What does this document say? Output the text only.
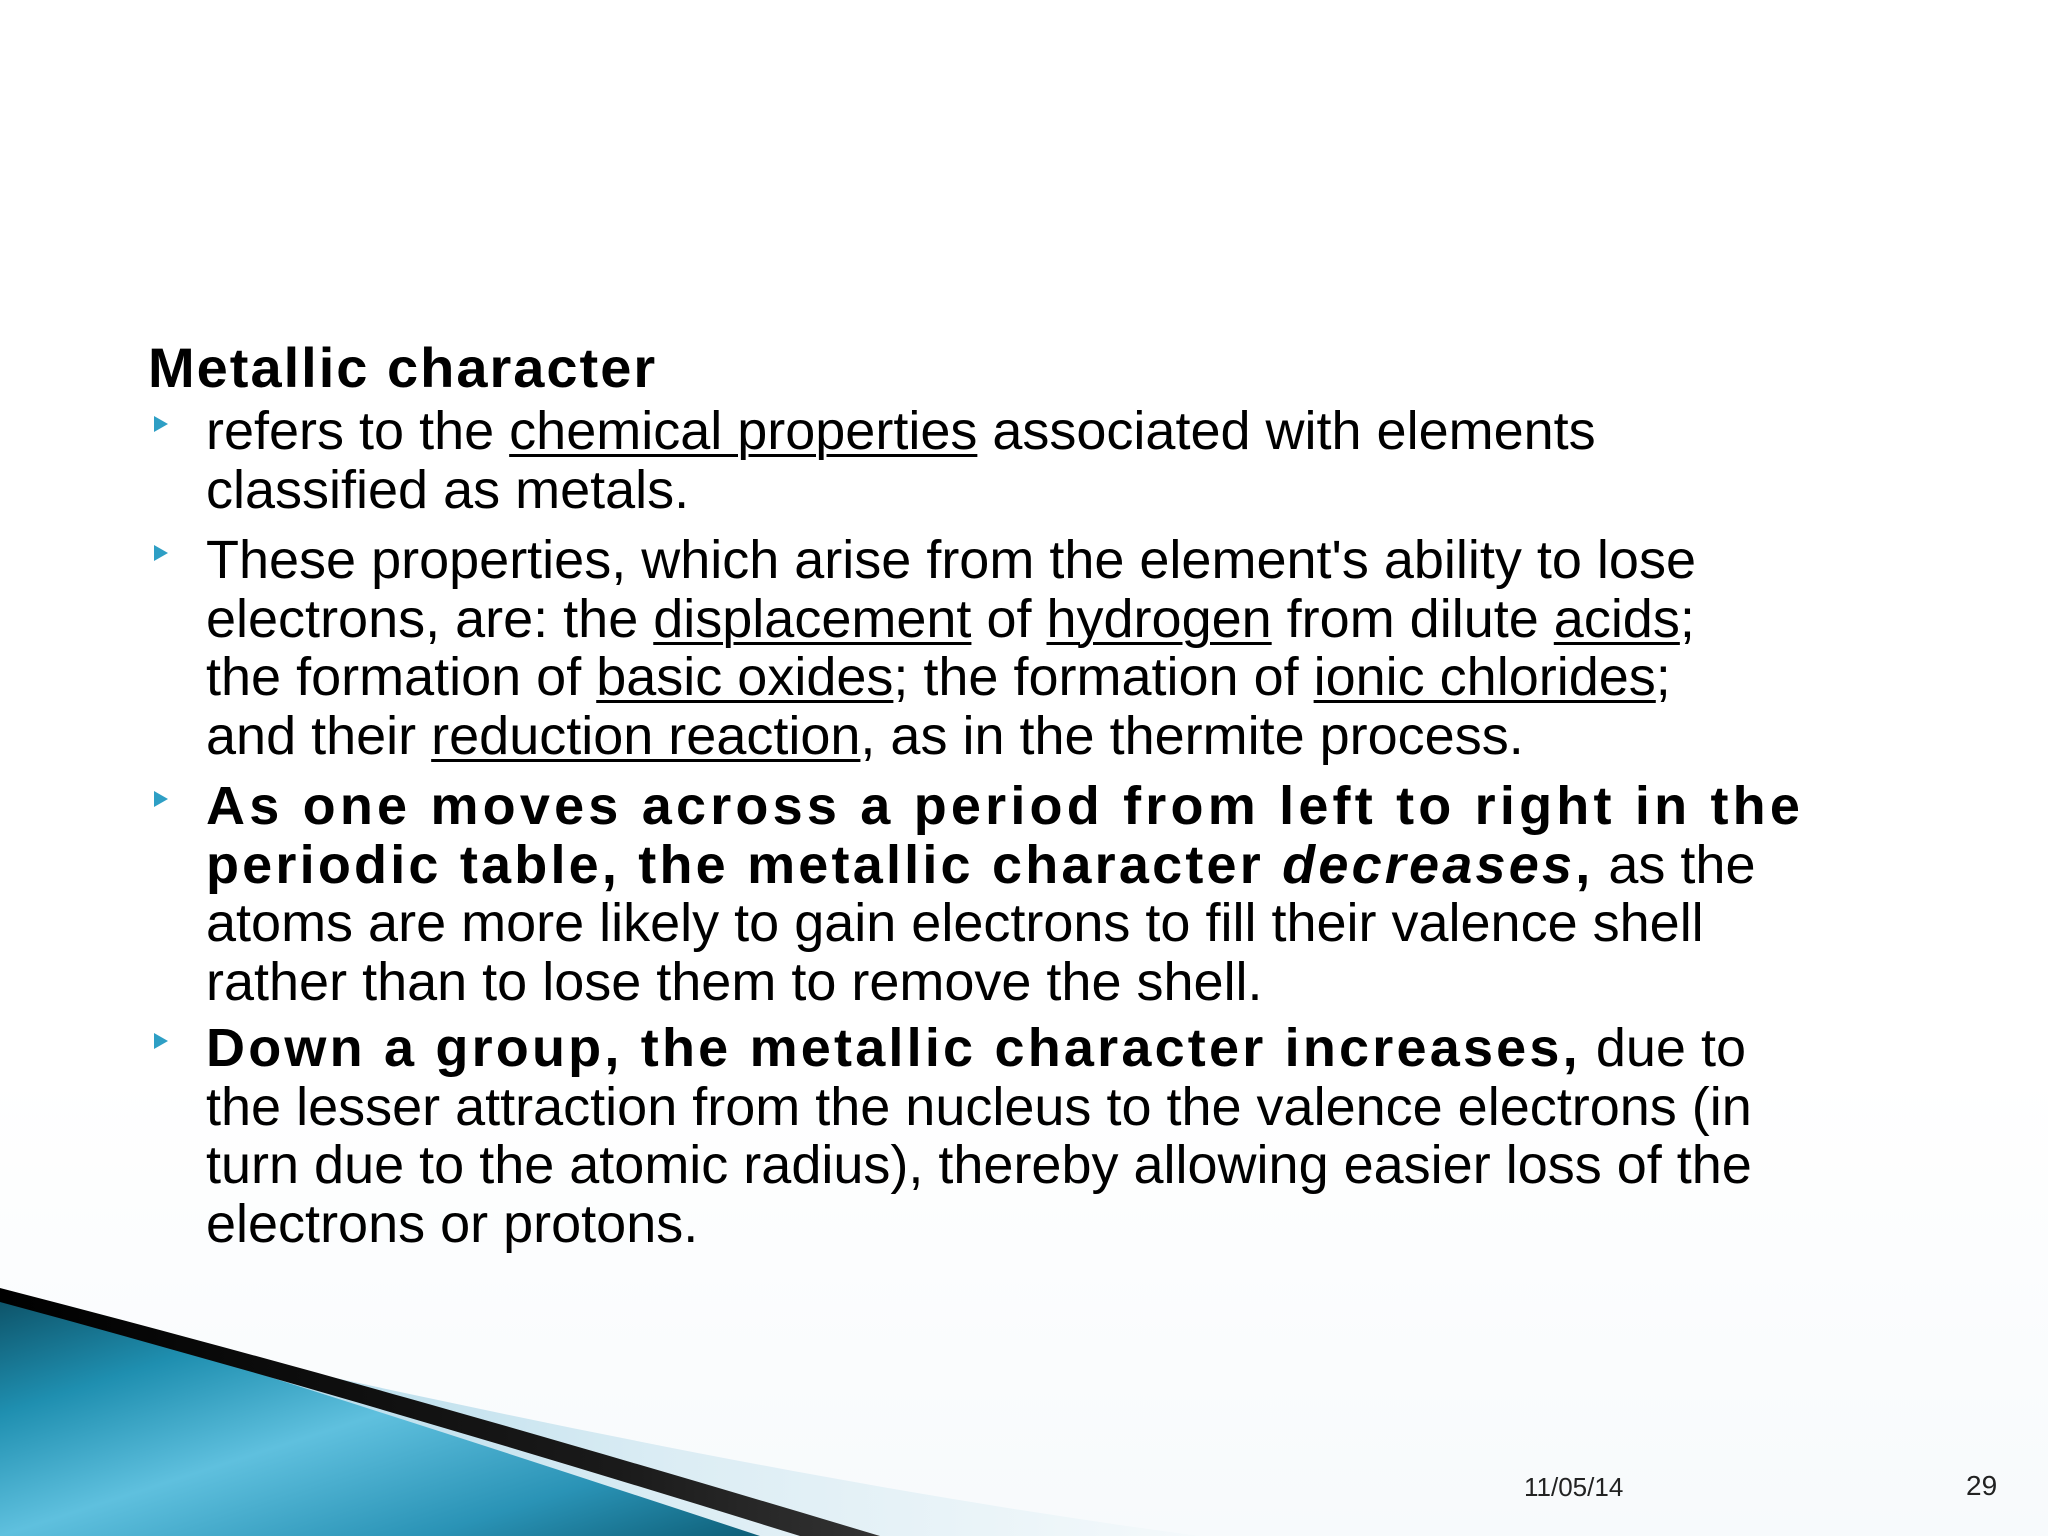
Metallic character
refers to the chemical properties associated with elements
classified as metals.
These properties, which arise from the element's ability to lose
electrons, are: the displacement of hydrogen from dilute acids;
the formation of basic oxides; the formation of ionic chlorides;
and their reduction reaction, as in the thermite process.
As one moves across a period from left to right in the
periodic table, the metallic character decreases, as the
atoms are more likely to gain electrons to fill their valence shell
rather than to lose them to remove the shell.
Down a group, the metallic character increases, due to
the lesser attraction from the nucleus to the valence electrons (in
turn due to the atomic radius), thereby allowing easier loss of the
electrons or protons.
11/05/14	29
